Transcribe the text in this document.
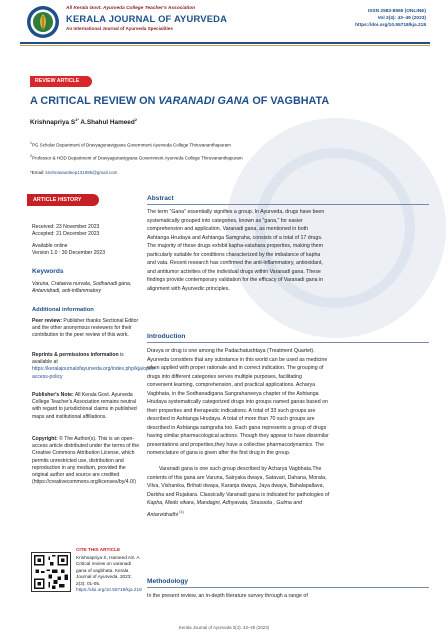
All Kerala Govt. Ayurveda College Teacher's Association
KERALA JOURNAL OF AYURVEDA
An International Journal of Ayurveda Specialities
ISSN 2583-8555 (ONLINE)
Vol 2(4): 43–49 (2023)
https://doi.org/10.55718/kja.218
REVIEW ARTICLE
A CRITICAL REVIEW ON VARANADI GANA OF VAGBHATA
Krishnapriya $S^{1*}$ A.Shahul Hameed$^2$
$^1$PG Scholar Department of Dravyagunavigyana Government Ayurveda College Thiruvananthapuram
$^2$Professor & HOD Department of Dravyagunavigyana Government Ayurveda College Thiruvananthapuram
*Email: krishnasandeep131995@gmail.com
ARTICLE HISTORY
Received: 23 November 2023
Accepted: 21 December 2023
Available online
Version 1.0 : 30 December 2023
Keywords
Varuna, Crataeva nurvala, Sodhanadi gana, Antarvidradi, anti-inflammatory
Additional information
Peer review: Publisher thanks Sectional Editor and the other anonymous reviewers for their contribution to the peer review of this work.
Reprints & permissions information is available at https://keralajournalofayurveda.org/index.php/kja/open-access-policy
Publisher's Note: All Kerala Govt. Ayurveda College Teacher's Association remains neutral with regard to jurisdictional claims in published maps and institutional affiliations.
Copyright: © The Author(s). This is an open-access article distributed under the terms of the Creative Commons Attribution License, which permits unrestricted use, distribution and reproduction in any medium, provided the original author and source are credited (https://creativecommons.org/licenses/by/4.0/)
CITE THIS ARTICLE
Krishnapriya S, Hameed AS. A Critical review on varanadi gana of vagbhata. Kerala Journal of Ayurveda. 2023; 2(3): 01-05. https://doi.org/10.55718/kja.218
Abstract
The term "Gana" essentially signifies a group. In Ayurveda, drugs have been
systematically grouped into categories, known as "gana," for easier
comprehension and application. Varanadi gana, as mentioned in both
Ashtanga Hrudaya and Ashtanga Samgraha, consists of a total of 17 drugs.
The majority of these drugs exhibit kapha-vatahara properties, making them
particularly suitable for conditions characterized by the imbalance of kapha
and vata. Recent research has confirmed the anti-inflammatory, antioxidant,
and antitumor activities of the individual drugs within Varanadi gana. These
findings provide contemporary validation for the efficacy of Varanadi gana in
alignment with Ayurvedic principles.
Introduction
Dravya or drug is one among the Padachatushtaya (Treatment Quartet).
Ayurveda considers that any substance in this world can be used as medicine
when applied with proper rationale and in correct indication. The grouping of
drugs into different categories serves multiple purposes, facilitating
convenient learning, comprehension, and practical applications. Acharya
Vagbhata, in the Sodhanadigana Sangrahaneeya chapter of the Ashtanga
Hrudaya systematically categorized drugs into groups named ganas based on
their properties and therapeutic indications. A total of 33 such groups are
described in Ashtanga Hrudaya. A total of more than 70 such groups are
described in Ashtanga samgraha too. Each gana represents a group of drugs
having similar pharmacological actions. Though they appear to have dissimilar
presentations and properties,they have a collective pharmacodynamics. The
nomenclature of gana is given after the first drug in the group.
Varanadi gana is one such group described by Acharya Vagbhata.The
contents of this gana are Varuna, Sairyaka dwaya, Satavari, Dahana, Morata,
Vilva, Vishanika, Brihati dwaya, Karanja dwaya, Jaya dwaya, Bahalapallava,
Darbha and Rujakara. Classically Varanadi gana is indicated for pathologies of
Kapha, Medo vikara, Mandagni, Adhyavata, Sirasoola , Gulma and
Antarvidradhi $^{(1)}$
Methodology
In the present review, an in-depth literature survey through a range of
Kerala Journal of Ayurveda 2(4): 43–49 (2023)
